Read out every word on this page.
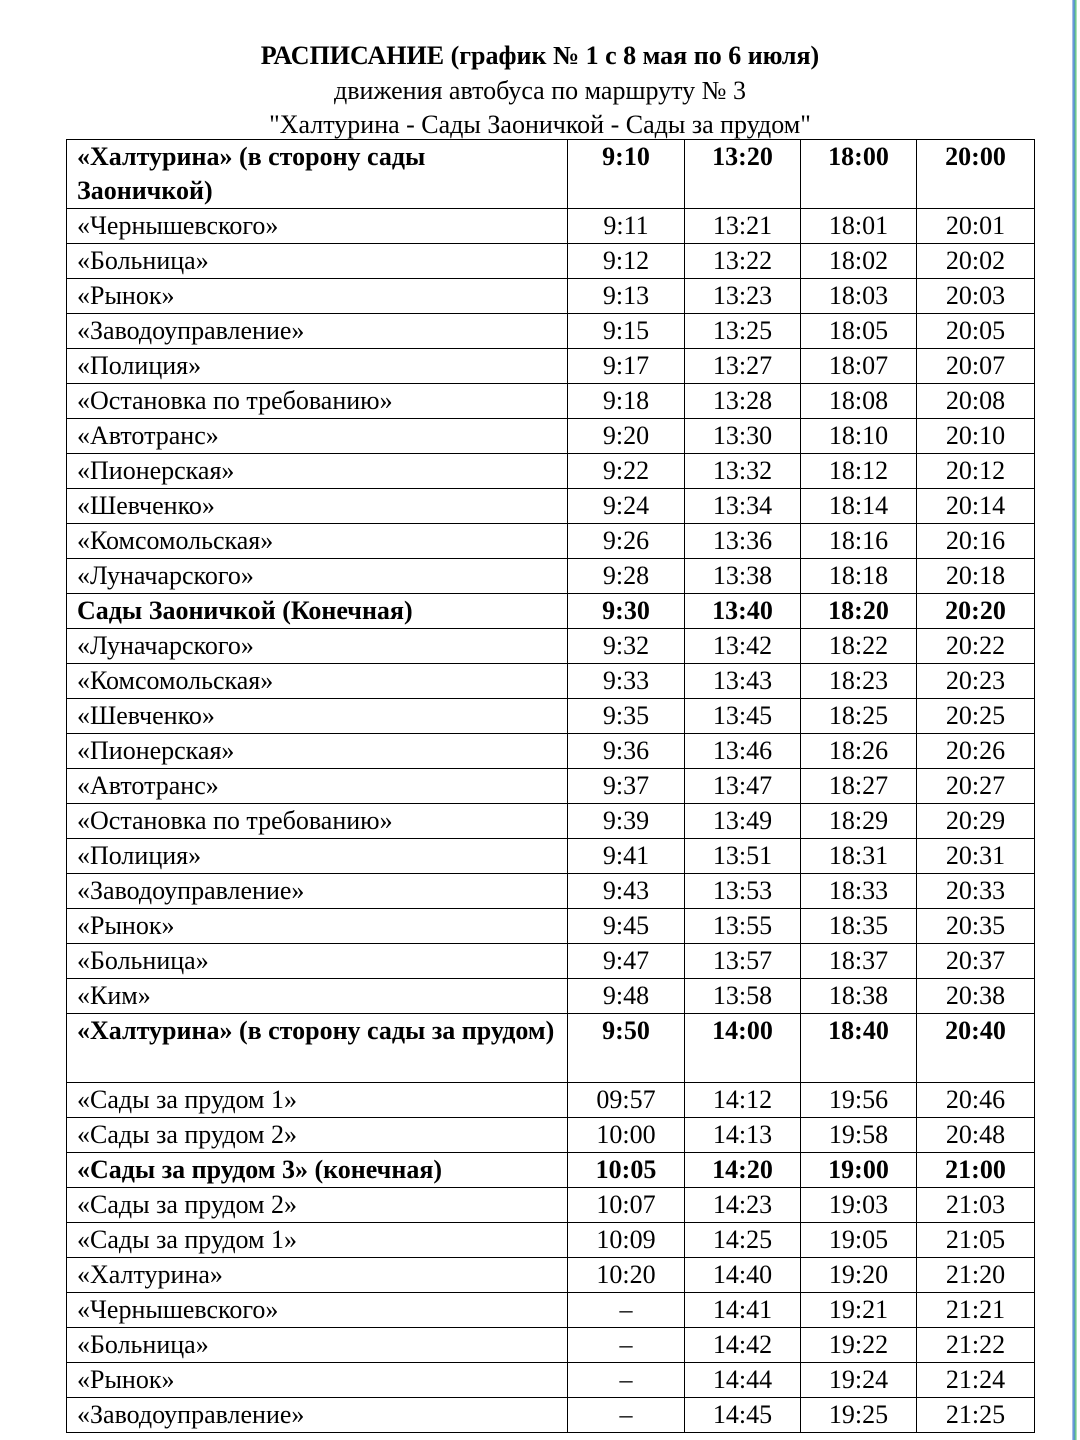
РАСПИСАНИЕ (график № 1 с 8 мая по 6 июля)
движения автобуса по маршруту № 3
"Халтурина - Сады Заоничкой - Сады за прудом"
«Халтурина» (в сторону сады Заоничкой)	9:10	13:20	18:00	20:00
«Чернышевского»	9:11	13:21	18:01	20:01
«Больница»	9:12	13:22	18:02	20:02
«Рынок»	9:13	13:23	18:03	20:03
«Заводоуправление»	9:15	13:25	18:05	20:05
«Полиция»	9:17	13:27	18:07	20:07
«Остановка по требованию»	9:18	13:28	18:08	20:08
«Автотранс»	9:20	13:30	18:10	20:10
«Пионерская»	9:22	13:32	18:12	20:12
«Шевченко»	9:24	13:34	18:14	20:14
«Комсомольская»	9:26	13:36	18:16	20:16
«Луначарского»	9:28	13:38	18:18	20:18
Сады Заоничкой (Конечная)	9:30	13:40	18:20	20:20
«Луначарского»	9:32	13:42	18:22	20:22
«Комсомольская»	9:33	13:43	18:23	20:23
«Шевченко»	9:35	13:45	18:25	20:25
«Пионерская»	9:36	13:46	18:26	20:26
«Автотранс»	9:37	13:47	18:27	20:27
«Остановка по требованию»	9:39	13:49	18:29	20:29
«Полиция»	9:41	13:51	18:31	20:31
«Заводоуправление»	9:43	13:53	18:33	20:33
«Рынок»	9:45	13:55	18:35	20:35
«Больница»	9:47	13:57	18:37	20:37
«Ким»	9:48	13:58	18:38	20:38
«Халтурина» (в сторону сады за прудом)	9:50	14:00	18:40	20:40
«Сады за прудом 1»	09:57	14:12	19:56	20:46
«Сады за прудом 2»	10:00	14:13	19:58	20:48
«Сады за прудом 3» (конечная)	10:05	14:20	19:00	21:00
«Сады за прудом 2»	10:07	14:23	19:03	21:03
«Сады за прудом 1»	10:09	14:25	19:05	21:05
«Халтурина»	10:20	14:40	19:20	21:20
«Чернышевского»	–	14:41	19:21	21:21
«Больница»	–	14:42	19:22	21:22
«Рынок»	–	14:44	19:24	21:24
«Заводоуправление»	–	14:45	19:25	21:25
